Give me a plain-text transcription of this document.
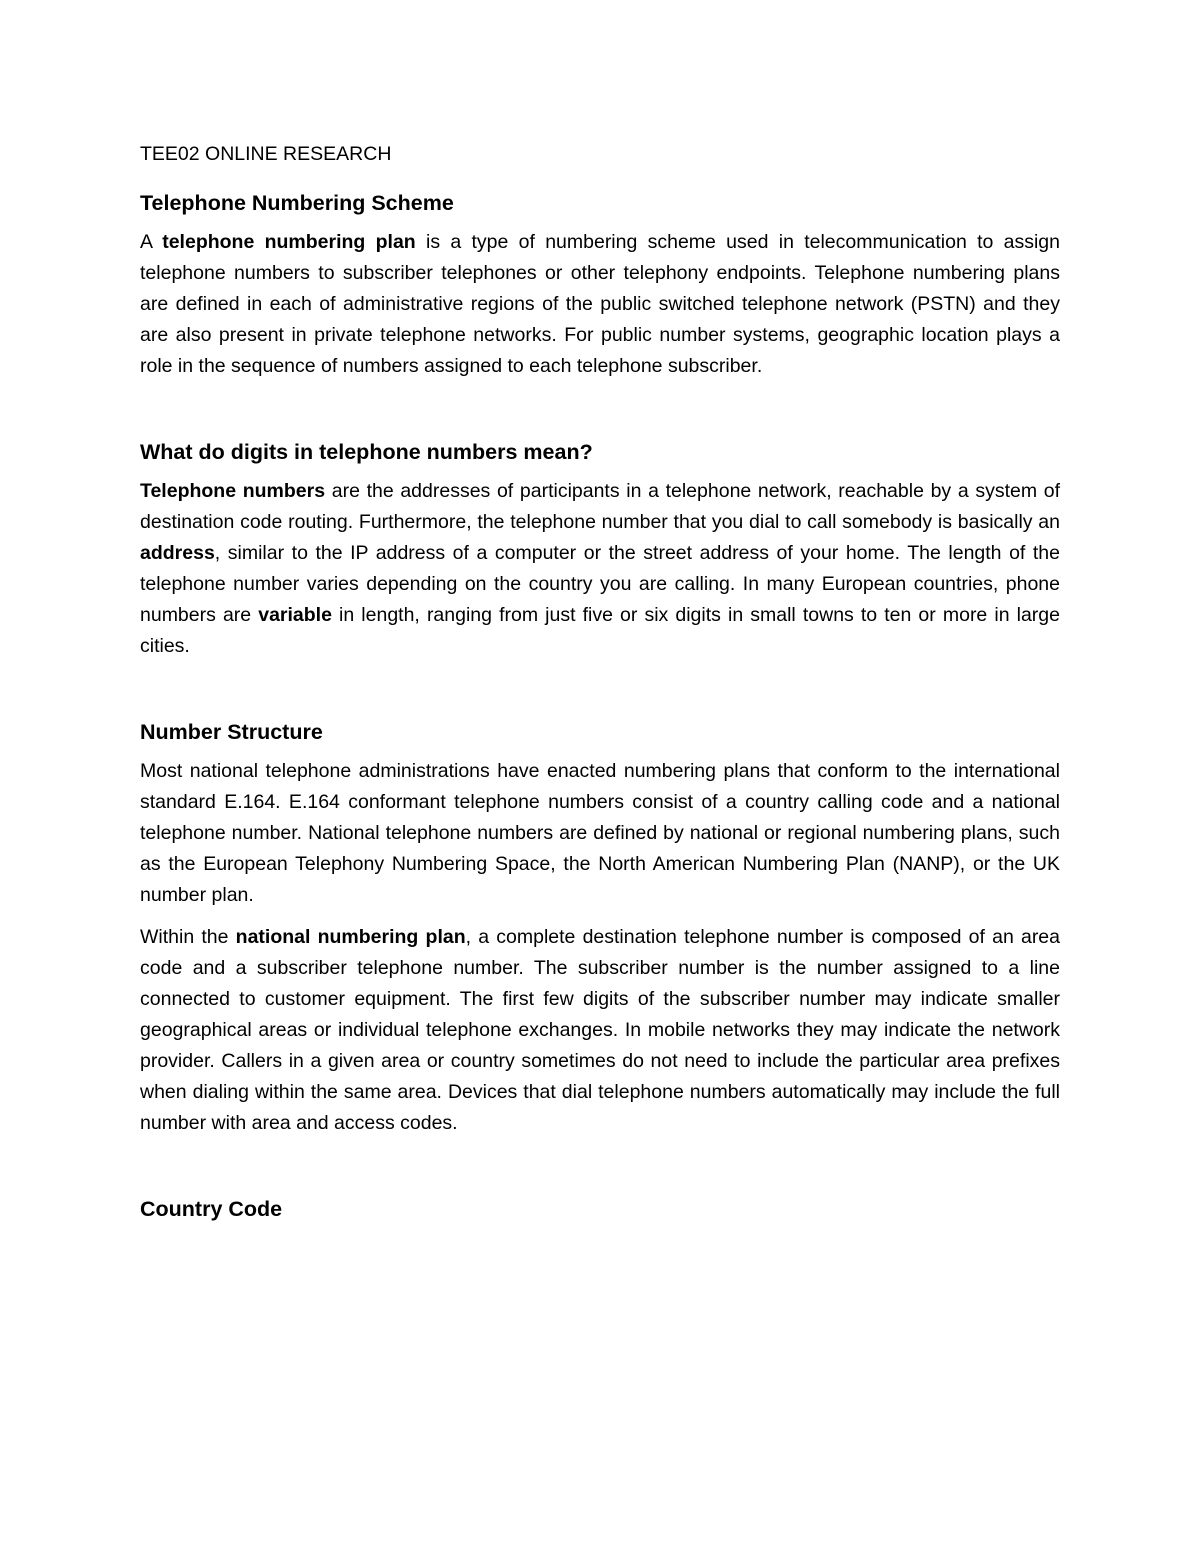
TEE02 ONLINE RESEARCH
Telephone Numbering Scheme

A telephone numbering plan is a type of numbering scheme used in telecommunication to assign telephone numbers to subscriber telephones or other telephony endpoints. Telephone numbering plans are defined in each of administrative regions of the public switched telephone network (PSTN) and they are also present in private telephone networks. For public number systems, geographic location plays a role in the sequence of numbers assigned to each telephone subscriber.

What do digits in telephone numbers mean?

Telephone numbers are the addresses of participants in a telephone network, reachable by a system of destination code routing. Furthermore, the telephone number that you dial to call somebody is basically an address, similar to the IP address of a computer or the street address of your home. The length of the telephone number varies depending on the country you are calling. In many European countries, phone numbers are variable in length, ranging from just five or six digits in small towns to ten or more in large cities.

Number Structure

Most national telephone administrations have enacted numbering plans that conform to the international standard E.164. E.164 conformant telephone numbers consist of a country calling code and a national telephone number. National telephone numbers are defined by national or regional numbering plans, such as the European Telephony Numbering Space, the North American Numbering Plan (NANP), or the UK number plan.

Within the national numbering plan, a complete destination telephone number is composed of an area code and a subscriber telephone number. The subscriber number is the number assigned to a line connected to customer equipment. The first few digits of the subscriber number may indicate smaller geographical areas or individual telephone exchanges. In mobile networks they may indicate the network provider. Callers in a given area or country sometimes do not need to include the particular area prefixes when dialing within the same area. Devices that dial telephone numbers automatically may include the full number with area and access codes.

Country Code
